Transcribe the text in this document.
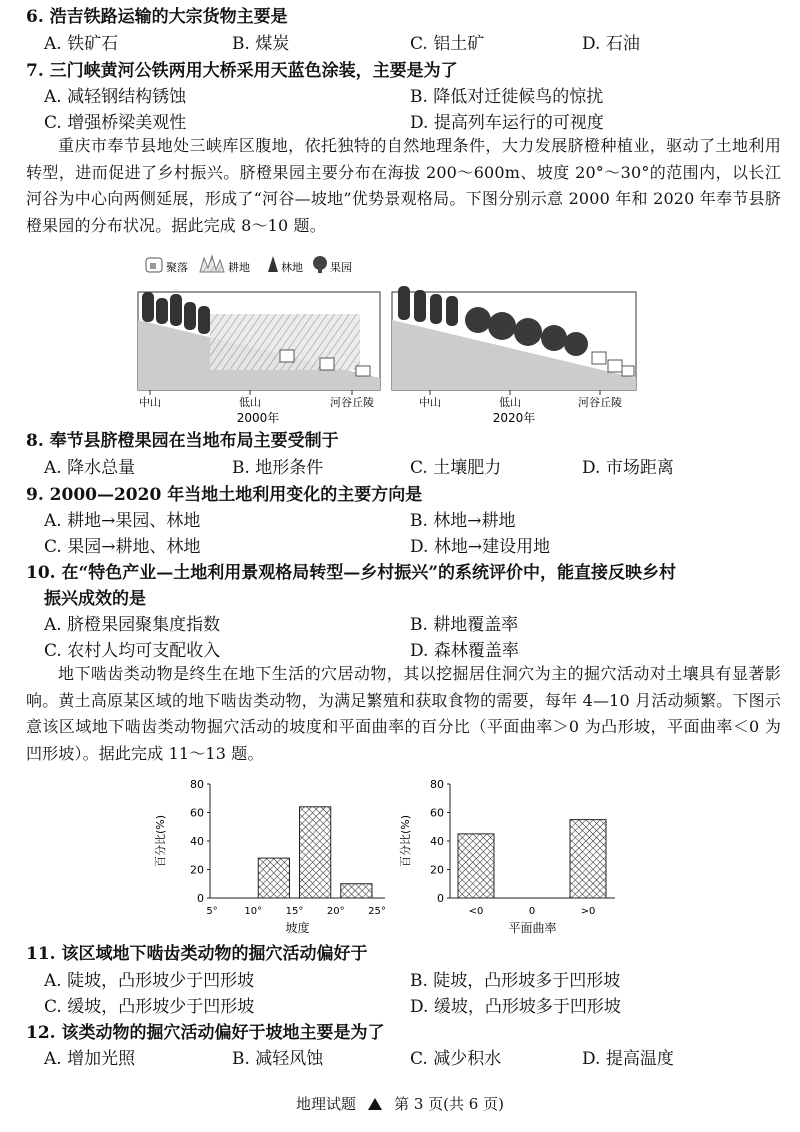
6. 浩吉铁路运输的大宗货物主要是
A. 铁矿石	B. 煤炭	C. 铝土矿	D. 石油
7. 三门峡黄河公铁两用大桥采用天蓝色涂装，主要是为了
A. 减轻钢结构锈蚀	B. 降低对迁徙候鸟的惊扰
C. 增强桥梁美观性	D. 提高列车运行的可视度
重庆市奉节县地处三峡库区腹地，依托独特的自然地理条件，大力发展脐橙种植业，驱动了土地利用转型，进而促进了乡村振兴。脐橙果园主要分布在海拔 200～600m、坡度 20°～30°的范围内，以长江河谷为中心向两侧延展，形成了“河谷—坡地”优势景观格局。下图分别示意 2000 年和 2020 年奉节县脐橙果园的分布状况。据此完成 8～10 题。
聚落	耕地	林地 果园
中山	低山	河谷丘陵
2000年
中山	低山	河谷丘陵
2020年
8. 奉节县脐橙果园在当地布局主要受制于
A. 降水总量	B. 地形条件	C. 土壤肥力	D. 市场距离
9. 2000—2020 年当地土地利用变化的主要方向是
A. 耕地→果园、林地	B. 林地→耕地
C. 果园→耕地、林地	D. 林地→建设用地
10. 在“特色产业—土地利用景观格局转型—乡村振兴”的系统评价中，能直接反映乡村
振兴成效的是
A. 脐橙果园聚集度指数	B. 耕地覆盖率
C. 农村人均可支配收入	D. 森林覆盖率
地下啮齿类动物是终生在地下生活的穴居动物，其以挖掘居住洞穴为主的掘穴活动对土壤具有显著影响。黄土高原某区域的地下啮齿类动物，为满足繁殖和获取食物的需要，每年 4—10 月活动频繁。下图示意该区域地下啮齿类动物掘穴活动的坡度和平面曲率的百分比（平面曲率＞0 为凸形坡，平面曲率＜0 为凹形坡）。据此完成 11～13 题。
0
20
40
60
80
百分比(%)
坡度
5°	10° 15° 20° 25°
0
20
40
60
80
百分比(%)
平面曲率
<0	0	>0
11. 该区域地下啮齿类动物的掘穴活动偏好于
A. 陡坡，凸形坡少于凹形坡	B. 陡坡，凸形坡多于凹形坡
C. 缓坡，凸形坡少于凹形坡	D. 缓坡，凸形坡多于凹形坡
12. 该类动物的掘穴活动偏好于坡地主要是为了
A. 增加光照	B. 减轻风蚀	C. 减少积水	D. 提高温度
地理试题	第 3 页(共 6 页)
